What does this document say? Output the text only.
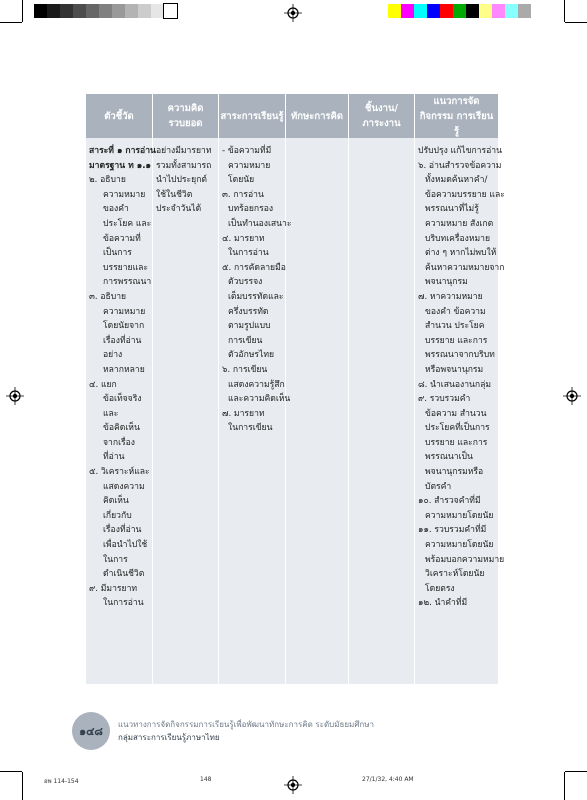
ตัวชี้วัด
ความคิด รวบยอด
สาระการเรียนรู้ ทักษะการคิด
ชิ้นงาน/ ภาระงาน
แนวการจัดกิจกรรม การเรียนรู้
สาระที่ ๑ การอ่าน
มาตรฐาน ท ๑.๑
๒. อธิบาย
ความหมาย
ของคำ
ประโยค และ
ข้อความที่
เป็นการ
บรรยายและ
การพรรณนา
๓. อธิบาย
ความหมาย
โดยนัยจาก
เรื่องที่อ่าน
อย่าง
หลากหลาย
๔. แยก
ข้อเท็จจริง
และ
ข้อคิดเห็น
จากเรื่อง
ที่อ่าน
๕. วิเคราะห์และ
แสดงความ
คิดเห็น
เกี่ยวกับ
เรื่องที่อ่าน
เพื่อนำไปใช้
ในการ
ดำเนินชีวิต
๙. มีมารยาท
ในการอ่าน
อย่างมีมารยาท
รวมทั้งสามารถ
นำไปประยุกต์
ใช้ในชีวิต
ประจำวันได้
- ข้อความที่มี
ความหมาย
โดยนัย
๓. การอ่าน
บทร้อยกรอง
เป็นทำนองเสนาะ
๔. มารยาท
ในการอ่าน
๕. การคัดลายมือ
ตัวบรรจง
เต็มบรรทัดและ
ครึ่งบรรทัด
ตามรูปแบบ
การเขียน
ตัวอักษรไทย
๖. การเขียน
แสดงความรู้สึก
และความคิดเห็น
๗. มารยาท
ในการเขียน
ปรับปรุง แก้ไขการอ่าน
๖. อ่านสำรวจข้อความ
ทั้งหมดค้นหาคำ/
ข้อความบรรยาย และ
พรรณนาที่ไม่รู้
ความหมาย สังเกต
บริบทเครื่องหมาย
ต่าง ๆ หากไม่พบให้
ค้นหาความหมายจาก
พจนานุกรม
๗. หาความหมาย
ของคำ ข้อความ
สำนวน ประโยค
บรรยาย และการ
พรรณนาจากบริบท
หรือพจนานุกรม
๘. นำเสนองานกลุ่ม
๙. รวบรวมคำ
ข้อความ สำนวน
ประโยคที่เป็นการ
บรรยาย และการ
พรรณนาเป็น
พจนานุกรมหรือ
บัตรคำ
๑๐. สำรวจคำที่มี
ความหมายโดยนัย
๑๑. รวบรวมคำที่มี
ความหมายโดยนัย
พร้อมบอกความหมาย
วิเคราะห์โดยนัย
โดยตรง
๑๒. นำคำที่มี
๑๔๘
แนวทางการจัดกิจกรรมการเรียนรู้เพื่อพัฒนาทักษะการคิด ระดับมัธยมศึกษา
กลุ่มสาระการเรียนรู้ภาษาไทย
อพ 114-154	148	27/1/32, 4:40 AM
